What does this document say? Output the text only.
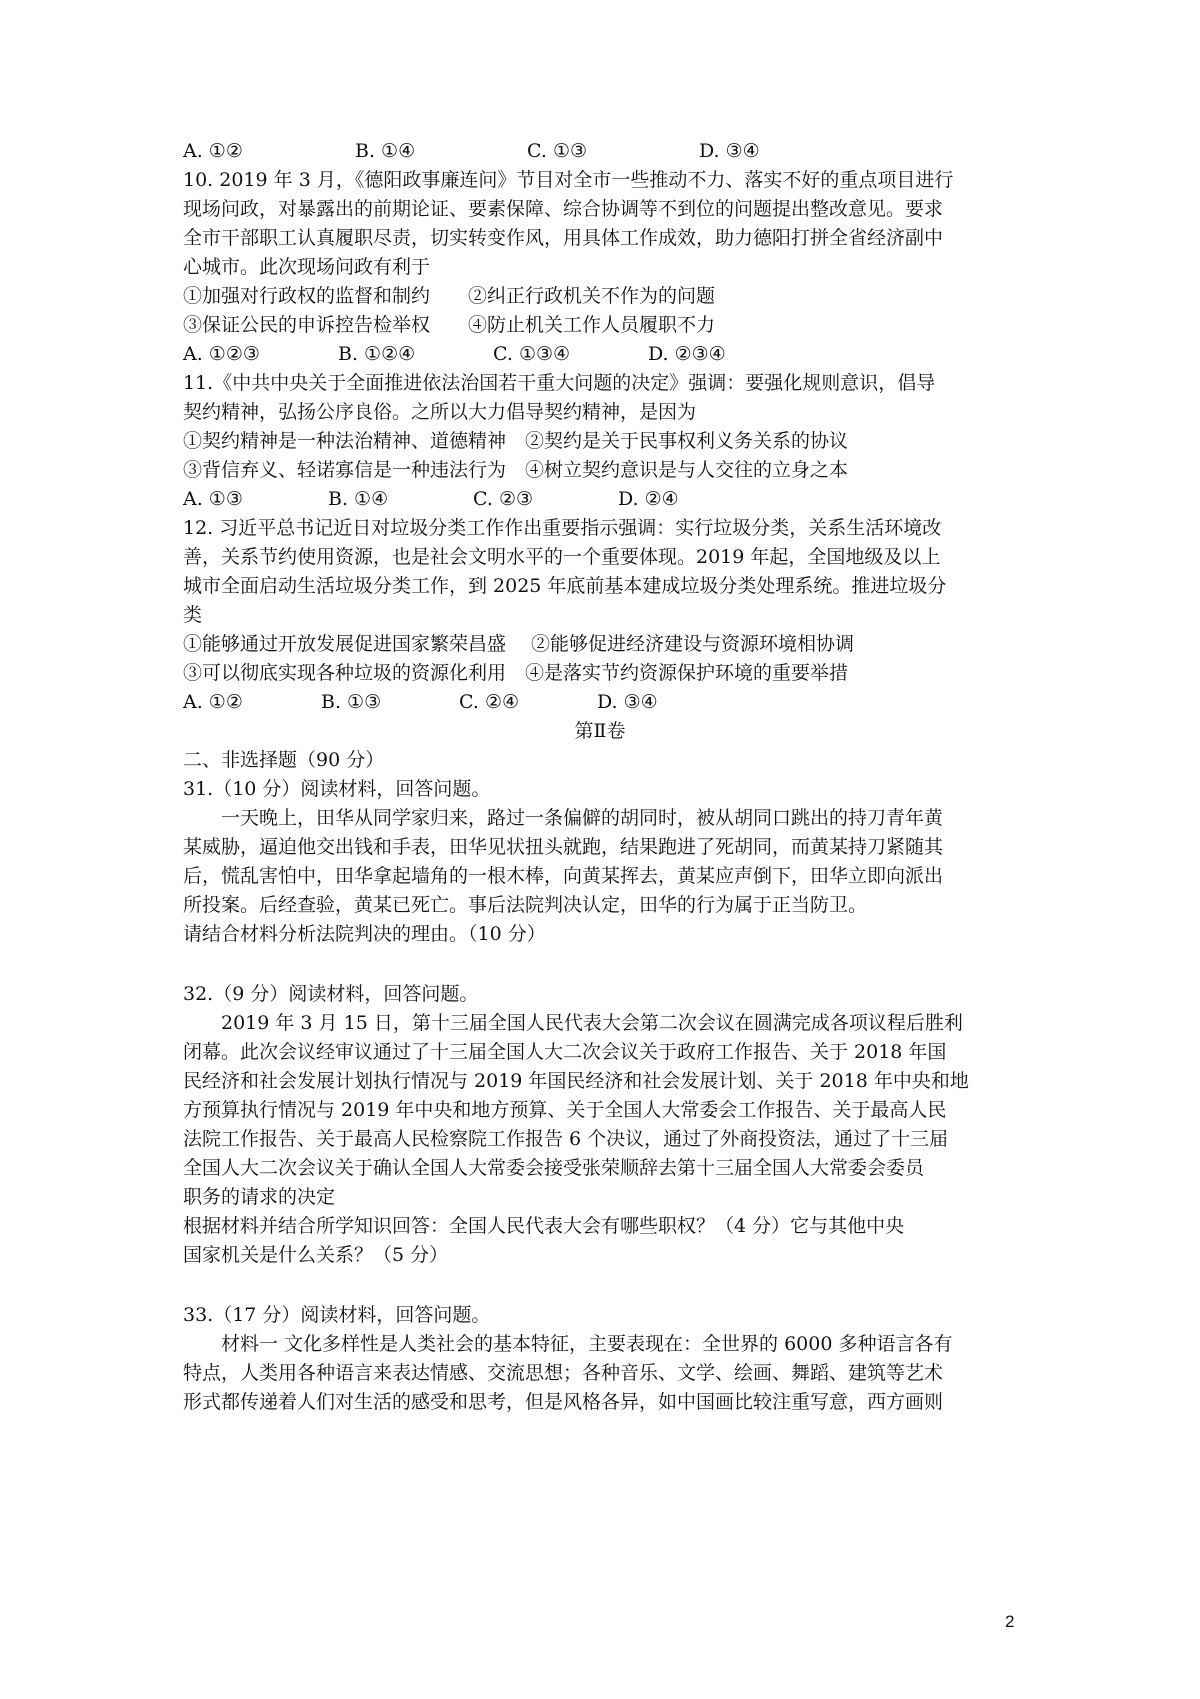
A. ①②	B. ①④	C. ①③	D. ③④
10. 2019 年 3 月，《德阳政事廉连问》节目对全市一些推动不力、落实不好的重点项目进行
现场问政，对暴露出的前期论证、要素保障、综合协调等不到位的问题提出整改意见。要求
全市干部职工认真履职尽责，切实转变作风，用具体工作成效，助力德阳打拼全省经济副中
心城市。此次现场问政有利于
①加强对行政权的监督和制约　　②纠正行政机关不作为的问题
③保证公民的申诉控告检举权　　④防止机关工作人员履职不力
A. ①②③	B. ①②④	C. ①③④	D. ②③④
11.《中共中央关于全面推进依法治国若干重大问题的决定》强调：要强化规则意识，倡导
契约精神，弘扬公序良俗。之所以大力倡导契约精神，是因为
①契约精神是一种法治精神、道德精神　②契约是关于民事权利义务关系的协议
③背信弃义、轻诺寡信是一种违法行为　④树立契约意识是与人交往的立身之本
A. ①③	B. ①④	C. ②③	D. ②④
12. 习近平总书记近日对垃圾分类工作作出重要指示强调：实行垃圾分类，关系生活环境改
善，关系节约使用资源，也是社会文明水平的一个重要体现。2019 年起，全国地级及以上
城市全面启动生活垃圾分类工作，到 2025 年底前基本建成垃圾分类处理系统。推进垃圾分
类
①能够通过开放发展促进国家繁荣昌盛　 ②能够促进经济建设与资源环境相协调
③可以彻底实现各种垃圾的资源化利用　④是落实节约资源保护环境的重要举措
A. ①②	B. ①③	C. ②④	D. ③④
第Ⅱ卷
二、非选择题（90 分）
31.（10 分）阅读材料，回答问题。
一天晚上，田华从同学家归来，路过一条偏僻的胡同时，被从胡同口跳出的持刀青年黄
某威胁，逼迫他交出钱和手表，田华见状扭头就跑，结果跑进了死胡同，而黄某持刀紧随其
后，慌乱害怕中，田华拿起墙角的一根木棒，向黄某挥去，黄某应声倒下，田华立即向派出
所投案。后经查验，黄某已死亡。事后法院判决认定，田华的行为属于正当防卫。
请结合材料分析法院判决的理由。（10 分）
32.（9 分）阅读材料，回答问题。
2019 年 3 月 15 日，第十三届全国人民代表大会第二次会议在圆满完成各项议程后胜利
闭幕。此次会议经审议通过了十三届全国人大二次会议关于政府工作报告、关于 2018 年国
民经济和社会发展计划执行情况与 2019 年国民经济和社会发展计划、关于 2018 年中央和地
方预算执行情况与 2019 年中央和地方预算、关于全国人大常委会工作报告、关于最高人民
法院工作报告、关于最高人民检察院工作报告 6 个决议，通过了外商投资法，通过了十三届
全国人大二次会议关于确认全国人大常委会接受张荣顺辞去第十三届全国人大常委会委员
职务的请求的决定
根据材料并结合所学知识回答：全国人民代表大会有哪些职权？（4 分）它与其他中央
国家机关是什么关系？（5 分）
33.（17 分）阅读材料，回答问题。
材料一 文化多样性是人类社会的基本特征，主要表现在：全世界的 6000 多种语言各有
特点，人类用各种语言来表达情感、交流思想；各种音乐、文学、绘画、舞蹈、建筑等艺术
形式都传递着人们对生活的感受和思考，但是风格各异，如中国画比较注重写意，西方画则
2
